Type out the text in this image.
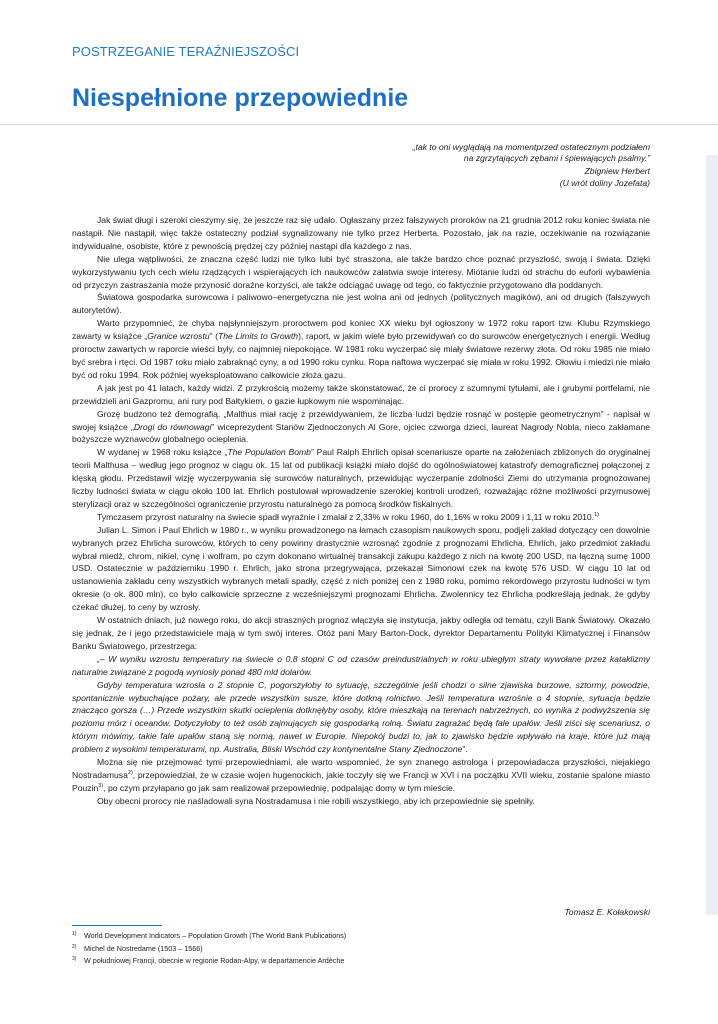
POSTRZEGANIE TERAŹNIEJSZOŚCI
Niespełnione przepowiednie
„tak to oni wyglądają na momentprzed ostatecznym podziałem
na zgrzytających zębami i śpiewających psalmy.”
Zbigniew Herbert
(U wrót doliny Jozefata)

Jak świat długi i szeroki cieszymy się, że jeszcze raz się udało. Ogłaszany przez fałszywych proroków na 21 grudnia 2012 roku koniec świata nie nastąpił. Nie nastąpił, więc także ostateczny podział sygnalizowany nie tylko przez Herberta. Pozostało, jak na razie, oczekiwanie na rozwiązanie indywidualne, osobiste, które z pewnością prędzej czy później nastąpi dla każdego z nas.

Nie ulega wątpliwości, że znaczna część ludzi nie tylko lubi być straszona, ale także bardzo chce poznać przyszłość, swoją i świata. Dzięki wykorzystywaniu tych cech wielu rządzących i wspierających ich naukowców załatwia swoje interesy. Miotanie ludzi od strachu do euforii wybawienia od przyczyn zastraszania może przynosić doraźne korzyści, ale także odciągać uwagę od tego, co faktycznie przygotowano dla poddanych.

Światowa gospodarka surowcowa i paliwowo–energetyczna nie jest wolna ani od jednych (politycznych magików), ani od drugich (fałszywych autorytetów).

Warto przypomnieć, że chyba najsłynniejszym proroctwem pod koniec XX wieku był ogłoszony w 1972 roku raport tzw. Klubu Rzymskiego zawarty w książce „Granice wzrostu” (The Limits to Growth), raport, w jakim wiele było przewidywań co do surowców energetycznych i energii. Według proroctw zawartych w raporcie wieści były, co najmniej niepokojące. W 1981 roku wyczerpać się miały światowe rezerwy złota. Od roku 1985 nie miało być srebra i rtęci. Od 1987 roku miało zabraknąć cyny, a od 1990 roku cynku. Ropa naftowa wyczerpać się miała w roku 1992. Ołowiu i miedzi nie miało być od roku 1994. Rok później wyeksploatowano całkowicie złoża gazu.

A jak jest po 41 latach, każdy widzi. Z przykrością możemy także skonstatować, że ci prorocy z szumnymi tytułami, ale i grubymi portfelami, nie przewidzieli ani Gazpromu, ani rury pod Bałtykiem, o gazie łupkowym nie wspominając.

Grozę budzono też demografią. „Malthus miał rację z przewidywaniem, że liczba ludzi będzie rosnąć w postępie geometrycznym” - napisał w swojej książce „Drogi do równowagi” wiceprezydent Stanów Zjednoczonych Al Gore, ojciec czworga dzieci, laureat Nagrody Nobla, nieco zakłamane bożyszcze wyznawców globalnego ocieplenia.

W wydanej w 1968 roku książce „The Population Bomb” Paul Ralph Ehrlich opisał scenariusze oparte na założeniach zbliżonych do oryginalnej teorii Malthusa – według jego prognoz w ciągu ok. 15 lat od publikacji książki miało dojść do ogólnoświatowej katastrofy demograficznej połączonej z klęską głodu. Przedstawił wizję wyczerpywania się surowców naturalnych, przewidując wyczerpanie zdolności Ziemi do utrzymania prognozowanej liczby ludności świata w ciągu około 100 lat. Ehrlich postulował wprowadzenie szerokiej kontroli urodzeń, rozważając różne możliwości przymusowej sterylizacji oraz w szczególności ograniczenie przyrostu naturalnego za pomocą środków fiskalnych.

Tymczasem przyrost naturalny na świecie spadł wyraźnie i zmalał z 2,33% w roku 1960, do 1,16% w roku 2009 i 1,11 w roku 2010.$^{1)}$

Julian L. Simon i Paul Ehrlich w 1980 r., w wyniku prowadzonego na łamach czasopism naukowych sporu, podjęli zakład dotyczący cen dowolnie wybranych przez Ehrlicha surowców, których to ceny powinny drastycznie wzrosnąć zgodnie z prognozami Ehrlicha. Ehrlich, jako przedmiot zakładu wybrał miedź, chrom, nikiel, cynę i wolfram, po czym dokonano wirtualnej transakcji zakupu każdego z nich na kwotę 200 USD, na łączną sumę 1000 USD. Ostatecznie w październiku 1990 r. Ehrlich, jako strona przegrywająca, przekazał Simonowi czek na kwotę 576 USD. W ciągu 10 lat od ustanowienia zakładu ceny wszystkich wybranych metali spadły, część z nich poniżej cen z 1980 roku, pomimo rekordowego przyrostu ludności w tym okresie (o ok. 800 mln), co było całkowicie sprzeczne z wcześniejszymi prognozami Ehrlicha. Zwolennicy tez Ehrlicha podkreślają jednak, że gdyby czekać dłużej, to ceny by wzrosły.

W ostatnich dniach, już nowego roku, do akcji straszných prognoz włączyła się instytucja, jakby odległa od tematu, czyli Bank Światowy. Okazało się jednak, że i jego przedstawiciele mają w tym swój interes. Otóż pani Mary Barton-Dock, dyrektor Departamentu Polityki Klimatycznej i Finansów Banku Światowego, przestrzega:

„– W wyniku wzrostu temperatury na świecie o 0,8 stopni C od czasów preindustrialnych w roku ubiegłym straty wywołane przez kataklizmy naturalne związane z pogodą wyniosły ponad 480 mld dolarów.

Gdyby temperatura wzrosła o 2 stopnie C, pogorszyłoby to sytuację, szczególnie jeśli chodzi o silne zjawiska burzowe, sztormy, powodzie, spontanicznie wybuchające pożary, ale przede wszystkim susze, które dotkną rolnictwo. Jeśli temperatura wzrośnie o 4 stopnie, sytuacja będzie znacząco gorsza (…) Przede wszystkim skutki ocieplenia dotknęłyby osoby, które mieszkają na terenach nabrzeżnych, co wynika z podwyższenia się poziomu mórz i oceanów. Dotyczyłoby to też osób zajmujących się gospodarką rolną. Światu zagrażać będą fale upałów. Jeśli ziści się scenariusz, o którym mówimy, takie fale upałów staną się normą, nawet w Europie. Niepokój budzi to, jak to zjawisko będzie wpływało na kraje, które już mają problem z wysokimi temperaturami, np. Australia, Bliski Wschód czy kontynentalne Stany Zjednoczone”.

Można się nie przejmować tymi przepowiedniami, ale warto wspomnieć, że syn znanego astrologa i przepowiadacza przyszłości, niejakiego Nostradamusa$^{2)}$, przepowiedział, że w czasie wojen hugenockich, jakie toczyły się we Francji w XVI i na początku XVII wieku, zostanie spalone miasto Pouzin$^{3)}$, po czym przyłapano go jak sam realizował przepowiednię, podpalając domy w tym mieście.

Oby obecni prorocy nie naśladowali syna Nostradamusa i nie robili wszystkiego, aby ich przepowiednie się spełniły.

Tomasz E. Kołakowski
1) World Development Indicators – Population Growth (The World Bank Publications)
2) Michel de Nostredame (1503 – 1566)
3) W południowej Francji, obecnie w regionie Rodan-Alpy, w departamencie Ardèche
